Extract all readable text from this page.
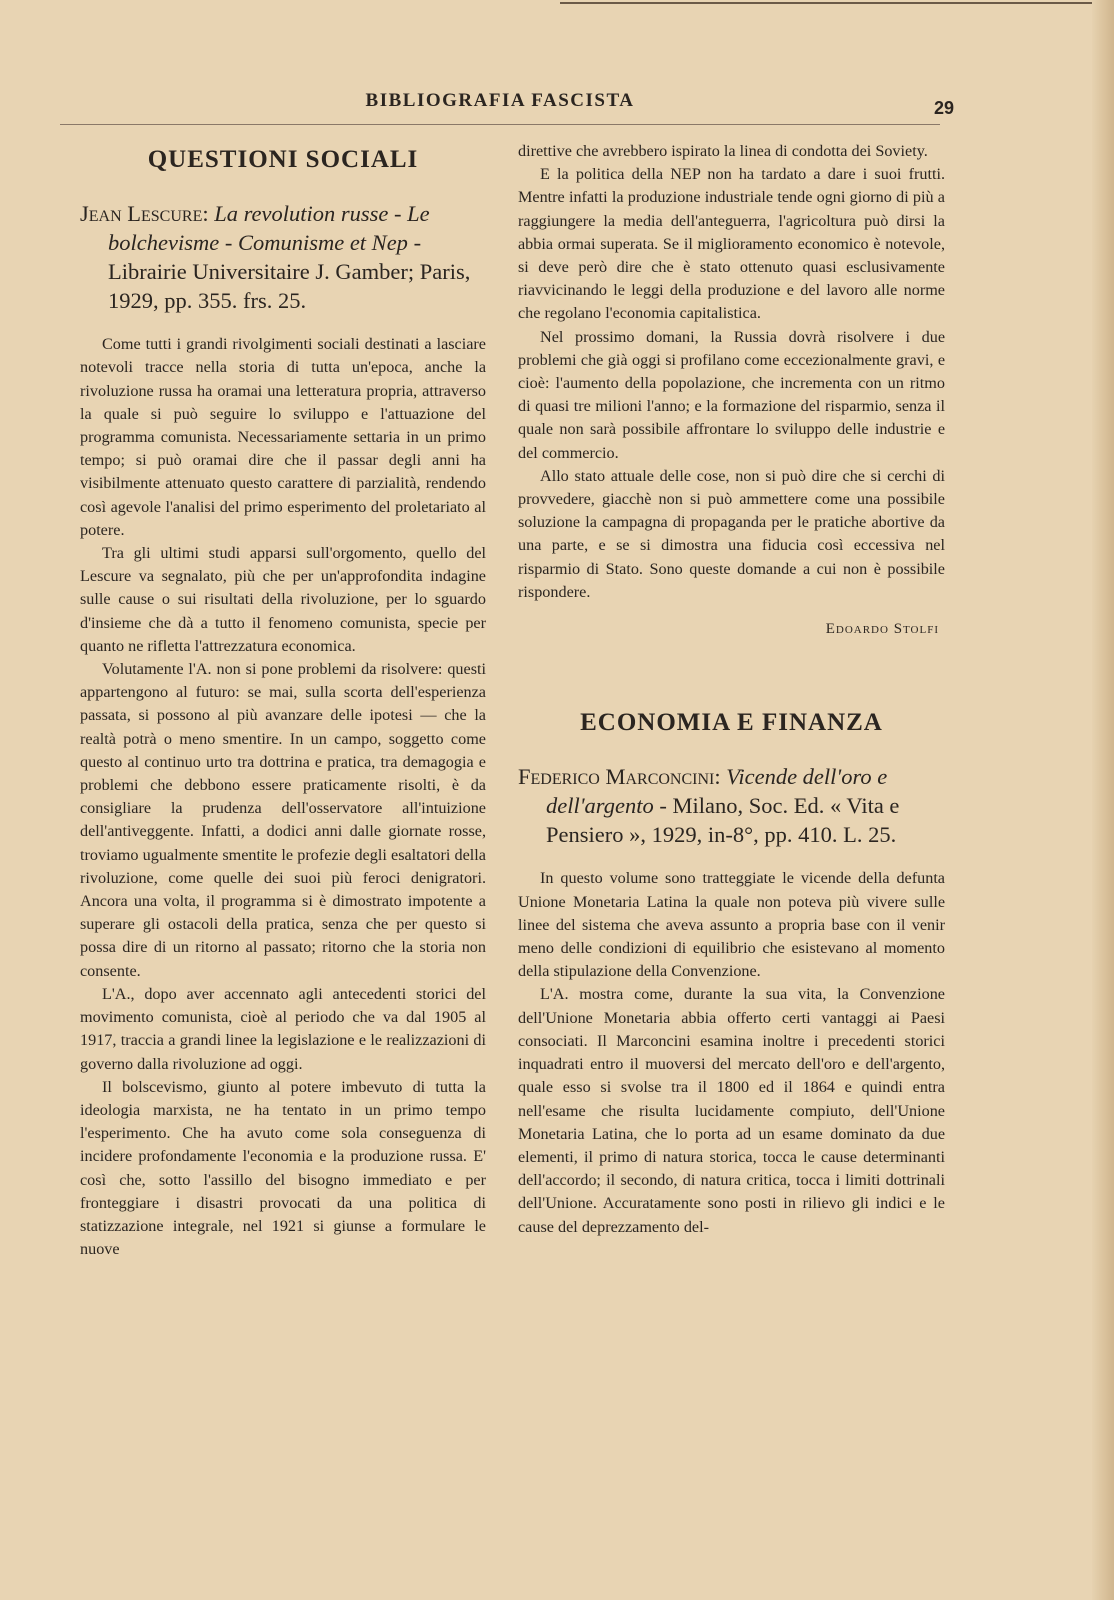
BIBLIOGRAFIA FASCISTA	29
QUESTIONI SOCIALI
Jean Lescure: La revolution russe - Le bolchevisme - Comunisme et Nep - Librairie Universitaire J. Gamber; Paris, 1929, pp. 355. frs. 25.

Come tutti i grandi rivolgimenti sociali destinati a lasciare notevoli tracce nella storia di tutta un'epoca, anche la rivoluzione russa ha oramai una letteratura propria, attraverso la quale si può seguire lo sviluppo e l'attuazione del programma comunista. Necessariamente settaria in un primo tempo; si può oramai dire che il passar degli anni ha visibilmente attenuato questo carattere di parzialità, rendendo così agevole l'analisi del primo esperimento del proletariato al potere.

Tra gli ultimi studi apparsi sull'orgomento, quello del Lescure va segnalato, più che per un'approfondita indagine sulle cause o sui risultati della rivoluzione, per lo sguardo d'insieme che dà a tutto il fenomeno comunista, specie per quanto ne rifletta l'attrezzatura economica.

Volutamente l'A. non si pone problemi da risolvere: questi appartengono al futuro: se mai, sulla scorta dell'esperienza passata, si possono al più avanzare delle ipotesi — che la realtà potrà o meno smentire. In un campo, soggetto come questo al continuo urto tra dottrina e pratica, tra demagogia e problemi che debbono essere praticamente risolti, è da consigliare la prudenza dell'osservatore all'intuizione dell'antiveggente. Infatti, a dodici anni dalle giornate rosse, troviamo ugualmente smentite le profezie degli esaltatori della rivoluzione, come quelle dei suoi più feroci denigratori. Ancora una volta, il programma si è dimostrato impotente a superare gli ostacoli della pratica, senza che per questo si possa dire di un ritorno al passato; ritorno che la storia non consente.

L'A., dopo aver accennato agli antecedenti storici del movimento comunista, cioè al periodo che va dal 1905 al 1917, traccia a grandi linee la legislazione e le realizzazioni di governo dalla rivoluzione ad oggi.

Il bolscevismo, giunto al potere imbevuto di tutta la ideologia marxista, ne ha tentato in un primo tempo l'esperimento. Che ha avuto come sola conseguenza di incidere profondamente l'economia e la produzione russa. E' così che, sotto l'assillo del bisogno immediato e per fronteggiare i disastri provocati da una politica di statizzazione integrale, nel 1921 si giunse a formulare le nuove

direttive che avrebbero ispirato la linea di condotta dei Soviety.

E la politica della NEP non ha tardato a dare i suoi frutti. Mentre infatti la produzione industriale tende ogni giorno di più a raggiungere la media dell'anteguerra, l'agricoltura può dirsi la abbia ormai superata. Se il miglioramento economico è notevole, si deve però dire che è stato ottenuto quasi esclusivamente riavvicinando le leggi della produzione e del lavoro alle norme che regolano l'economia capitalistica.

Nel prossimo domani, la Russia dovrà risolvere i due problemi che già oggi si profilano come eccezionalmente gravi, e cioè: l'aumento della popolazione, che incrementa con un ritmo di quasi tre milioni l'anno; e la formazione del risparmio, senza il quale non sarà possibile affrontare lo sviluppo delle industrie e del commercio.

Allo stato attuale delle cose, non si può dire che si cerchi di provvedere, giacchè non si può ammettere come una possibile soluzione la campagna di propaganda per le pratiche abortive da una parte, e se si dimostra una fiducia così eccessiva nel risparmio di Stato. Sono queste domande a cui non è possibile rispondere.

Edoardo Stolfi
ECONOMIA E FINANZA
Federico Marconcini: Vicende dell'oro e dell'argento - Milano, Soc. Ed. « Vita e Pensiero », 1929, in-8°, pp. 410. L. 25.

In questo volume sono tratteggiate le vicende della defunta Unione Monetaria Latina la quale non poteva più vivere sulle linee del sistema che aveva assunto a propria base con il venir meno delle condizioni di equilibrio che esistevano al momento della stipulazione della Convenzione.

L'A. mostra come, durante la sua vita, la Convenzione dell'Unione Monetaria abbia offerto certi vantaggi ai Paesi consociati. Il Marconcini esamina inoltre i precedenti storici inquadrati entro il muoversi del mercato dell'oro e dell'argento, quale esso si svolse tra il 1800 ed il 1864 e quindi entra nell'esame che risulta lucidamente compiuto, dell'Unione Monetaria Latina, che lo porta ad un esame dominato da due elementi, il primo di natura storica, tocca le cause determinanti dell'accordo; il secondo, di natura critica, tocca i limiti dottrinali dell'Unione. Accuratamente sono posti in rilievo gli indici e le cause del deprezzamento del-
